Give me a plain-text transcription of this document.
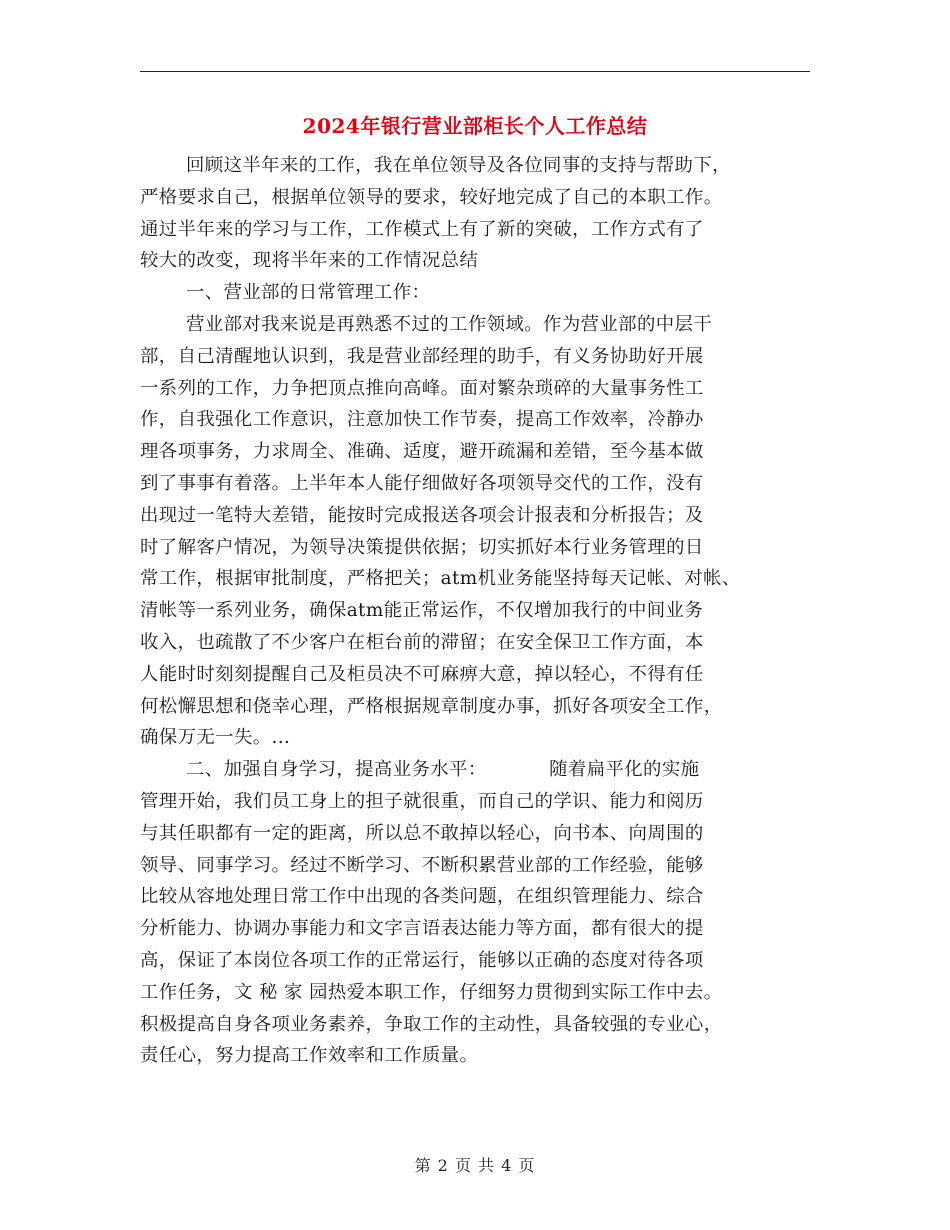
2024年银行营业部柜长个人工作总结
回顾这半年来的工作，我在单位领导及各位同事的支持与帮助下，
严格要求自己，根据单位领导的要求，较好地完成了自己的本职工作。
通过半年来的学习与工作，工作模式上有了新的突破，工作方式有了
较大的改变，现将半年来的工作情况总结
一、营业部的日常管理工作：
营业部对我来说是再熟悉不过的工作领域。作为营业部的中层干
部，自己清醒地认识到，我是营业部经理的助手，有义务协助好开展
一系列的工作，力争把顶点推向高峰。面对繁杂琐碎的大量事务性工
作，自我强化工作意识，注意加快工作节奏，提高工作效率，冷静办
理各项事务，力求周全、准确、适度，避开疏漏和差错，至今基本做
到了事事有着落。上半年本人能仔细做好各项领导交代的工作，没有
出现过一笔特大差错，能按时完成报送各项会计报表和分析报告；及
时了解客户情况，为领导决策提供依据；切实抓好本行业务管理的日
常工作，根据审批制度，严格把关；atm机业务能坚持每天记帐、对帐、
清帐等一系列业务，确保atm能正常运作，不仅增加我行的中间业务
收入，也疏散了不少客户在柜台前的滞留；在安全保卫工作方面，本
人能时时刻刻提醒自己及柜员决不可麻痹大意，掉以轻心，不得有任
何松懈思想和侥幸心理，严格根据规章制度办事，抓好各项安全工作，
确保万无一失。...
二、加强自身学习，提高业务水平：          随着扁平化的实施
管理开始，我们员工身上的担子就很重，而自己的学识、能力和阅历
与其任职都有一定的距离，所以总不敢掉以轻心，向书本、向周围的
领导、同事学习。经过不断学习、不断积累营业部的工作经验，能够
比较从容地处理日常工作中出现的各类问题，在组织管理能力、综合
分析能力、协调办事能力和文字言语表达能力等方面，都有很大的提
高，保证了本岗位各项工作的正常运行，能够以正确的态度对待各项
工作任务，文 秘 家 园热爱本职工作，仔细努力贯彻到实际工作中去。
积极提高自身各项业务素养，争取工作的主动性，具备较强的专业心，
责任心，努力提高工作效率和工作质量。
第 2 页 共 4 页
